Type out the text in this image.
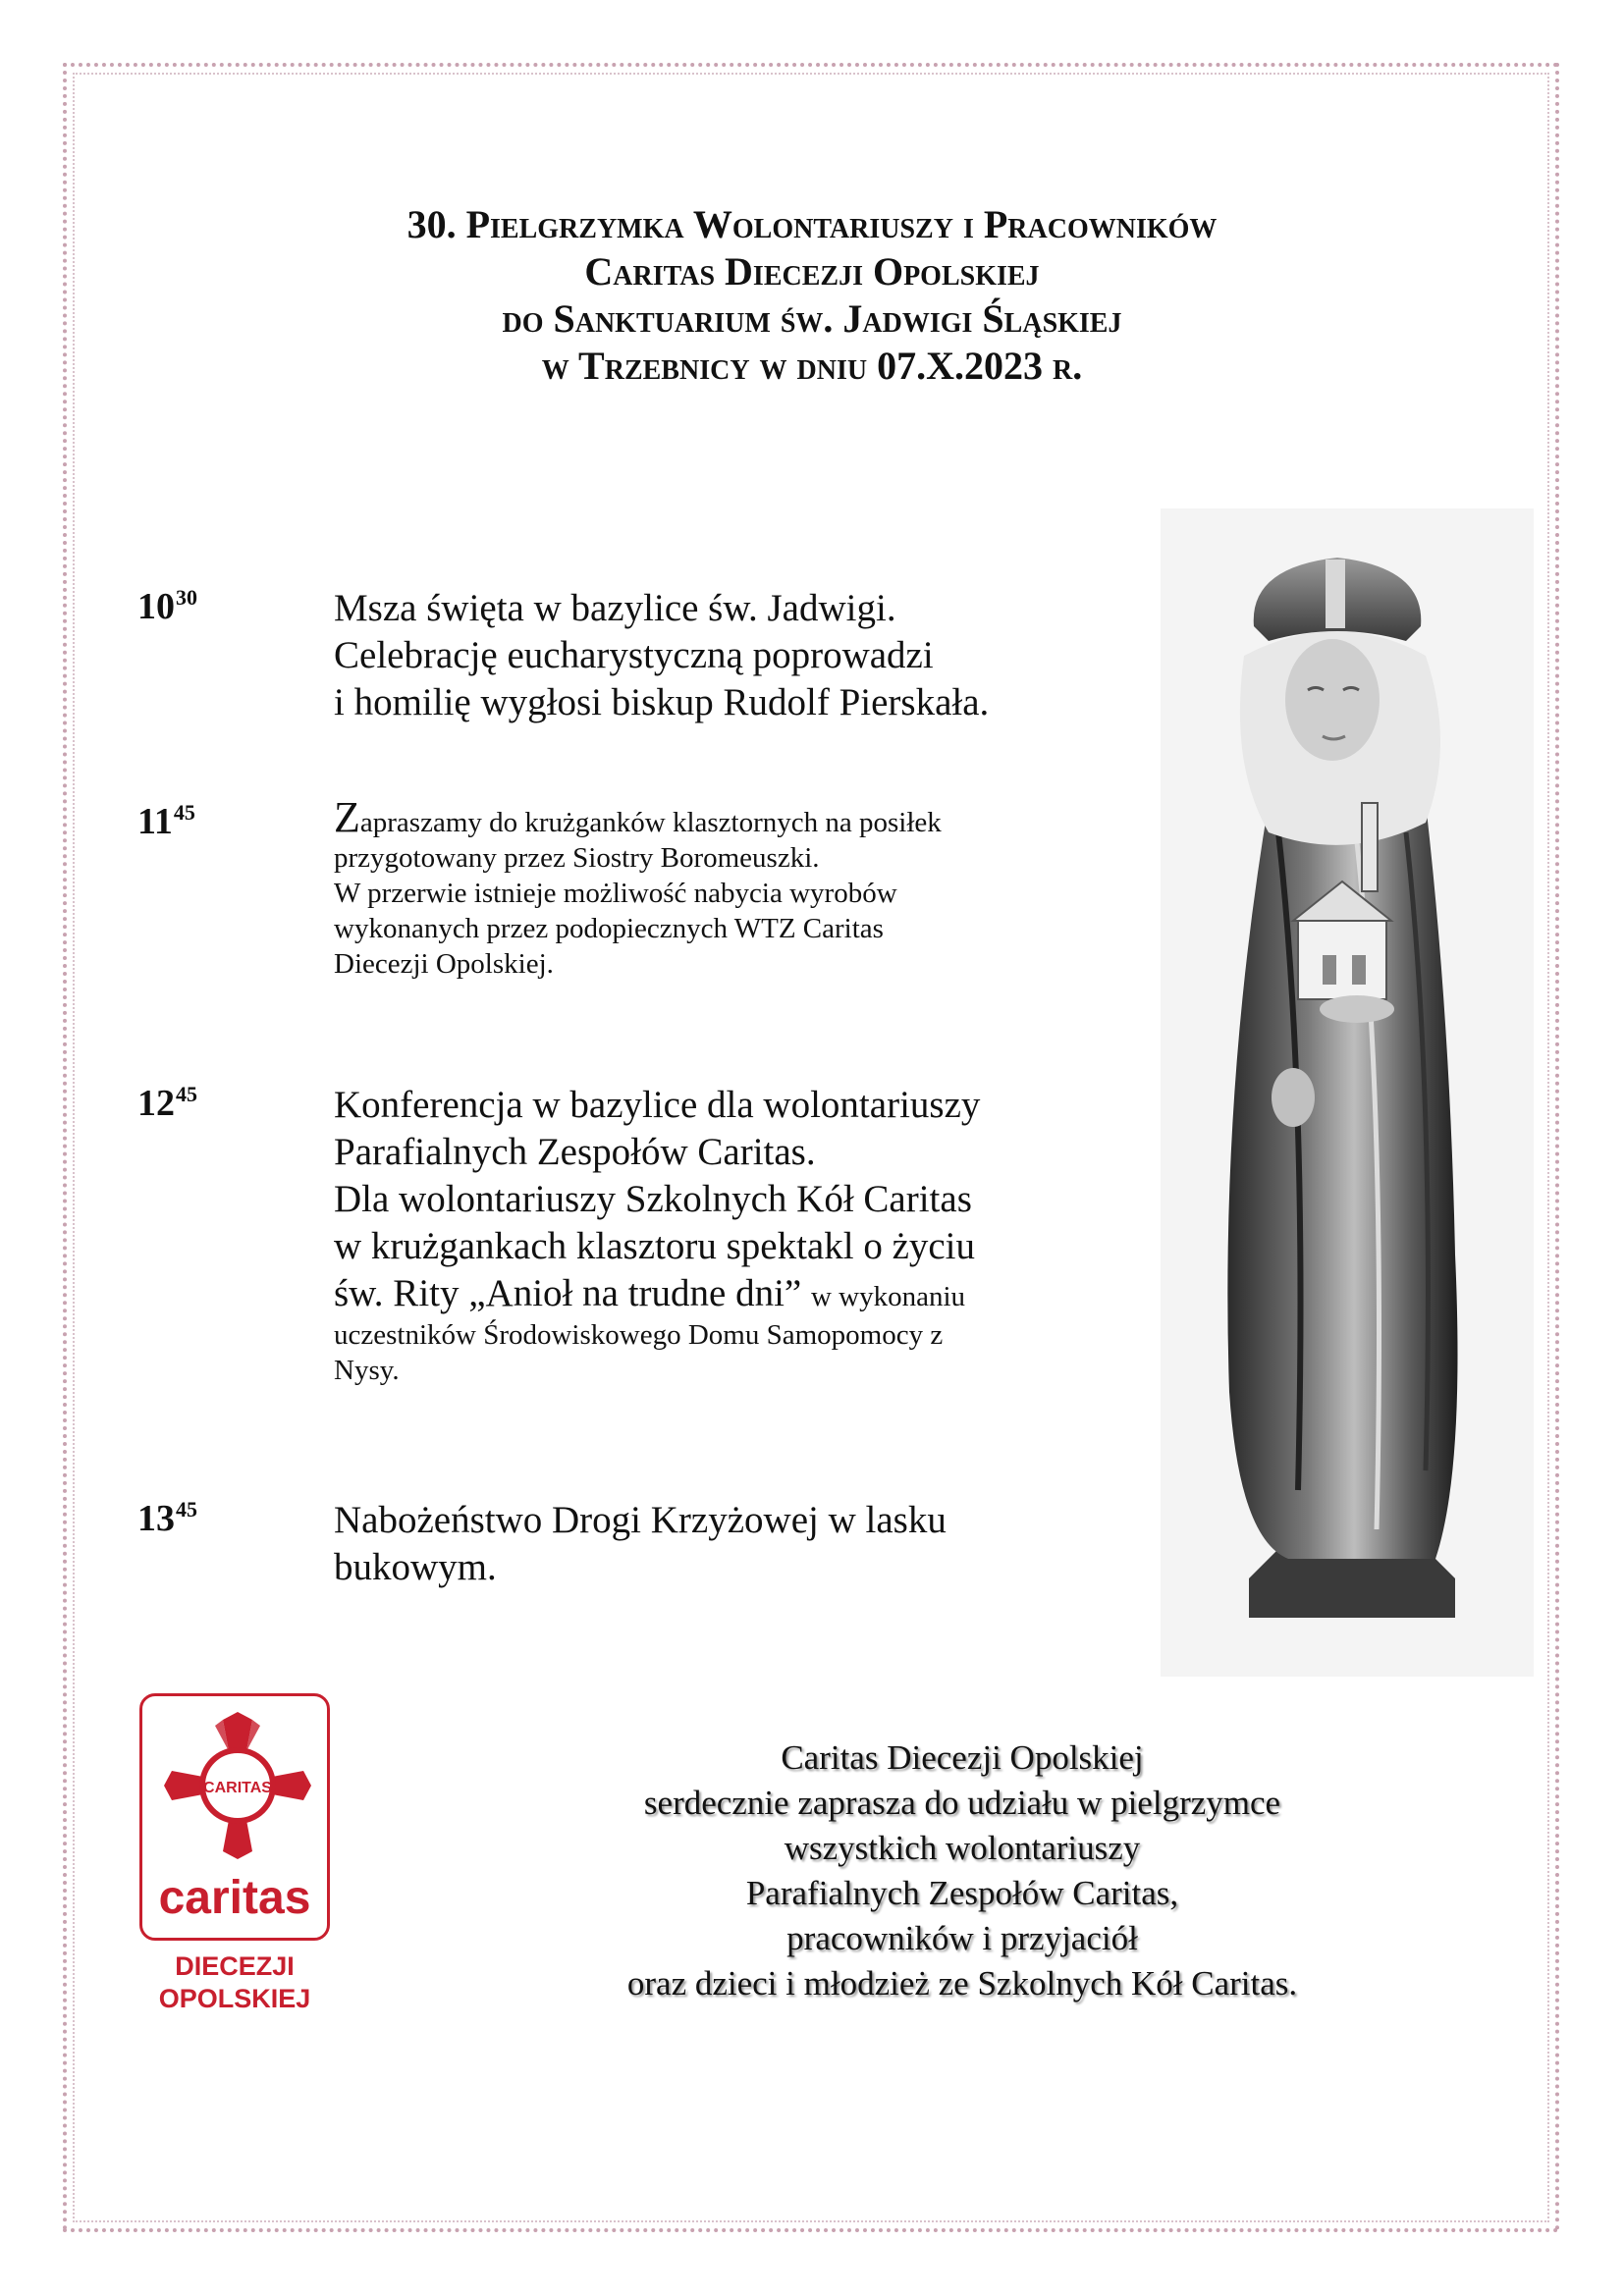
30. Pielgrzymka Wolontariuszy i Pracowników
Caritas Diecezji Opolskiej
do Sanktuarium św. Jadwigi Śląskiej
w Trzebnicy w dniu 07.X.2023 r.
$10^{30}$	Msza święta w bazylice św. Jadwigi.
Celebrację eucharystyczną poprowadzi
i homilię wygłosi biskup Rudolf Pierskała.
$11^{45}$	Zapraszamy do krużganków klasztornych na posiłek
przygotowany przez Siostry Boromeuszki.
W przerwie istnieje możliwość nabycia wyrobów
wykonanych przez podopiecznych WTZ Caritas
Diecezji Opolskiej.
$12^{45}$	Konferencja w bazylice dla wolontariuszy
Parafialnych Zespołów Caritas.
Dla wolontariuszy Szkolnych Kół Caritas
w krużgankach klasztoru spektakl o życiu
św. Rity „Anioł na trudne dni” w wykonaniu
uczestników Środowiskowego Domu Samopomocy z
Nysy.
$13^{45}$	Nabożeństwo Drogi Krzyżowej w lasku
bukowym.
CARITAS
caritas
DIECEZJI
OPOLSKIEJ
Caritas Diecezji Opolskiej
serdecznie zaprasza do udziału w pielgrzymce
wszystkich wolontariuszy
Parafialnych Zespołów Caritas,
pracowników i przyjaciół
oraz dzieci i młodzież ze Szkolnych Kół Caritas.
